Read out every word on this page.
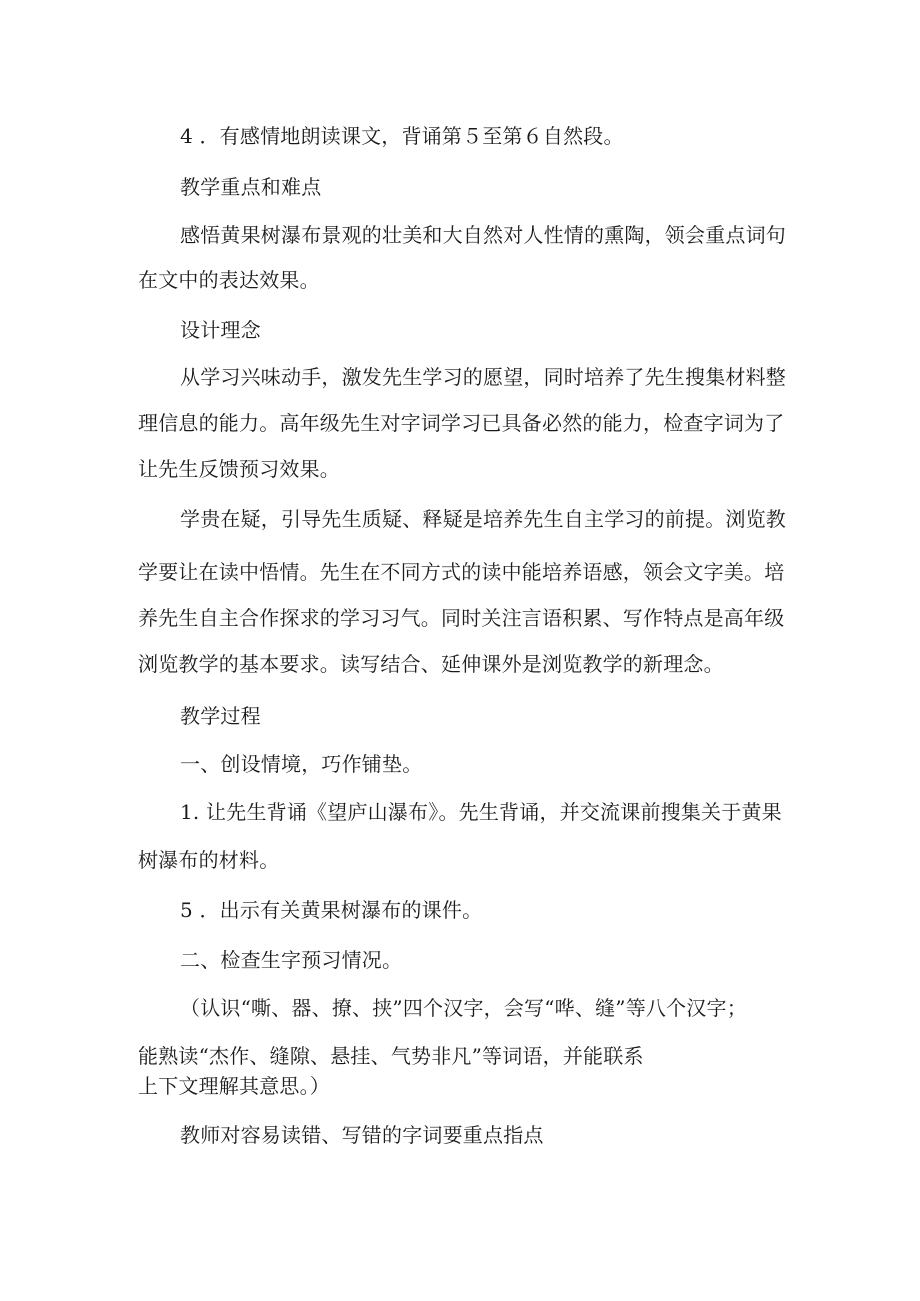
4 ．有感情地朗读课文，背诵第５至第６自然段。
教学重点和难点
感悟黄果树瀑布景观的壮美和大自然对人性情的熏陶，领会重点词句
在文中的表达效果。
设计理念
从学习兴味动手，激发先生学习的愿望，同时培养了先生搜集材料整
理信息的能力。高年级先生对字词学习已具备必然的能力，检查字词为了
让先生反馈预习效果。
学贵在疑，引导先生质疑、释疑是培养先生自主学习的前提。浏览教
学要让在读中悟情。先生在不同方式的读中能培养语感，领会文字美。培
养先生自主合作探求的学习习气。同时关注言语积累、写作特点是高年级
浏览教学的基本要求。读写结合、延伸课外是浏览教学的新理念。
教学过程
一、创设情境，巧作铺垫。
1. 让先生背诵《望庐山瀑布》。先生背诵，并交流课前搜集关于黄果
树瀑布的材料。
5 ．出示有关黄果树瀑布的课件。
二、检查生字预习情况。
（认识“嘶、器、撩、挟”四个汉字，会写“哗、缝”等八个汉字；
能熟读“杰作、缝隙、悬挂、气势非凡”等词语，并能联系
上下文理解其意思。）
教师对容易读错、写错的字词要重点指点
